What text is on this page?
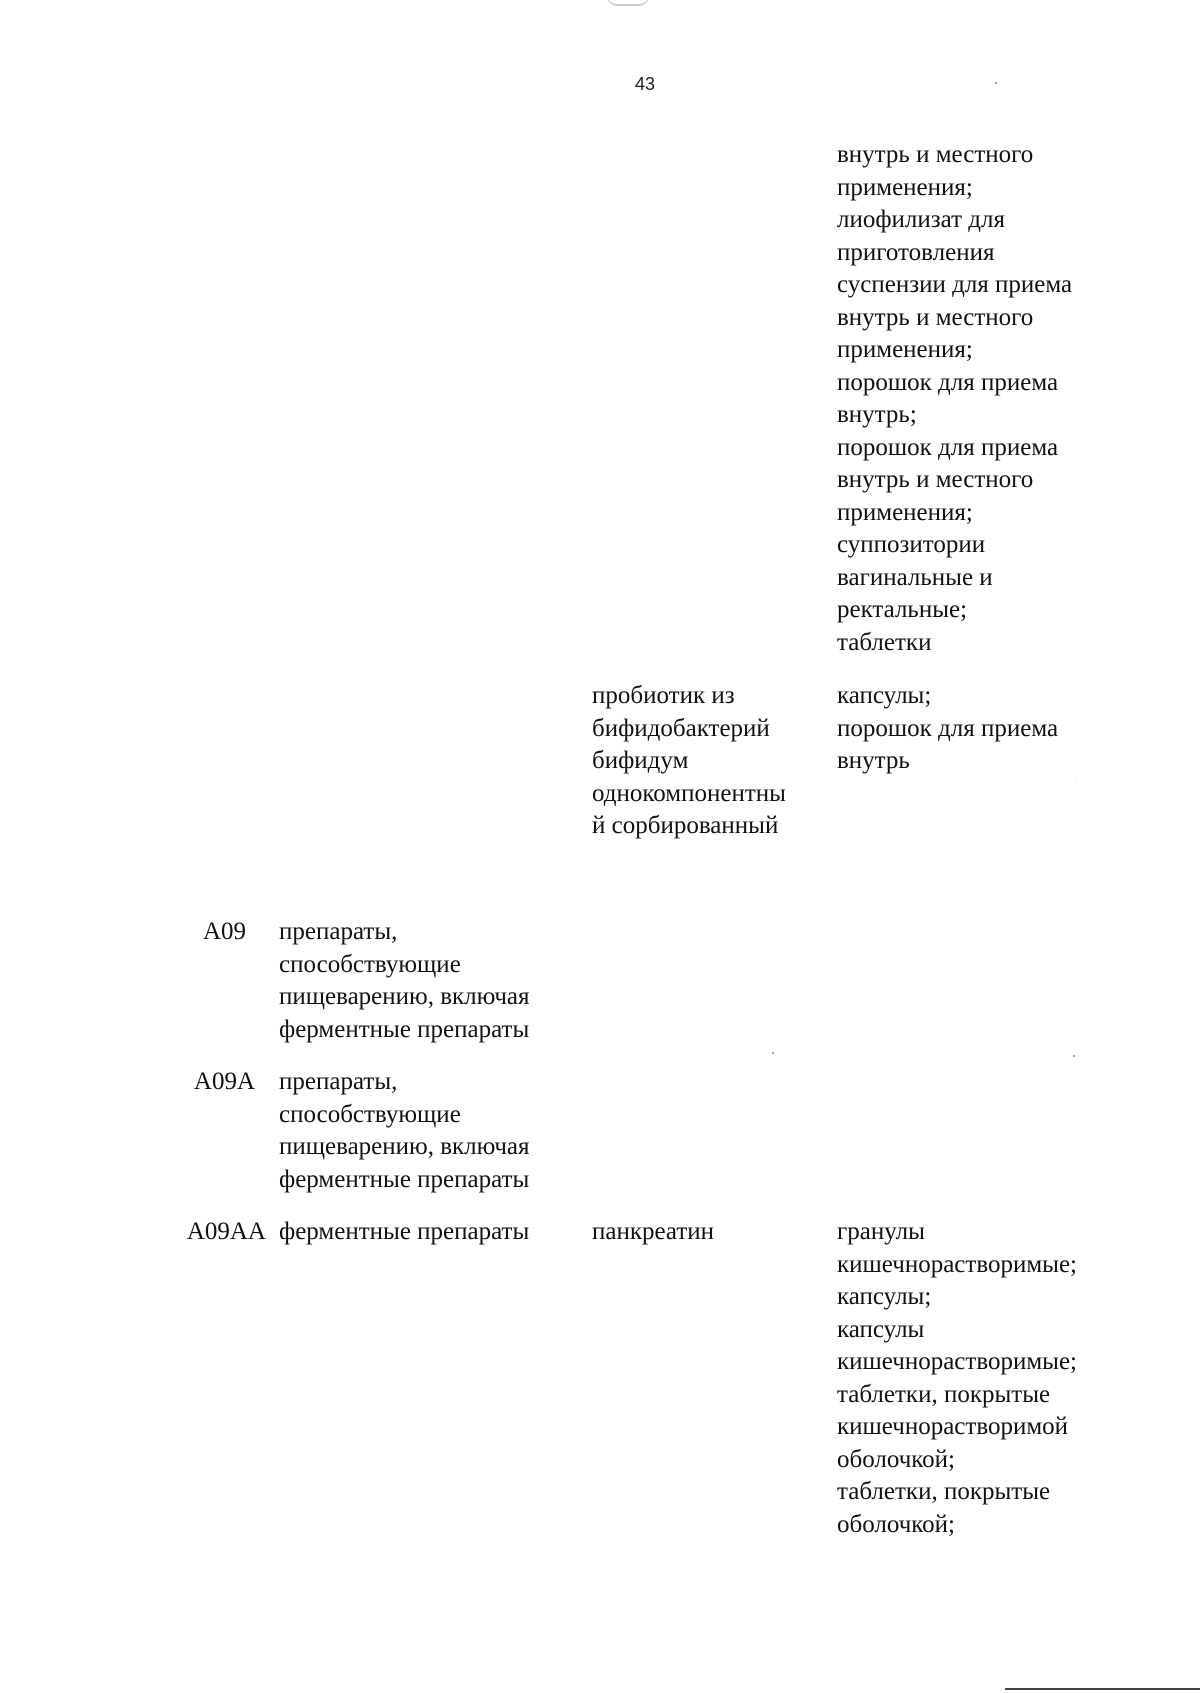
43

внутрь и местного
применения;
лиофилизат для
приготовления
суспензии для приема
внутрь и местного
применения;
порошок для приема
внутрь;
порошок для приема
внутрь и местного
применения;
суппозитории
вагинальные и
ректальные;
таблетки

пробиотик из
бифидобактерий
бифидум
однокомпонентны
й сорбированный

капсулы;
порошок для приема
внутрь

A09 препараты,
способствующие
пищеварению, включая
ферментные препараты

A09A препараты,
способствующие
пищеварению, включая
ферментные препараты

A09AA ферментные препараты	панкреатин	гранулы
кишечнорастворимые;
капсулы;
капсулы
кишечнорастворимые;
таблетки, покрытые
кишечнорастворимой
оболочкой;
таблетки, покрытые
оболочкой;
